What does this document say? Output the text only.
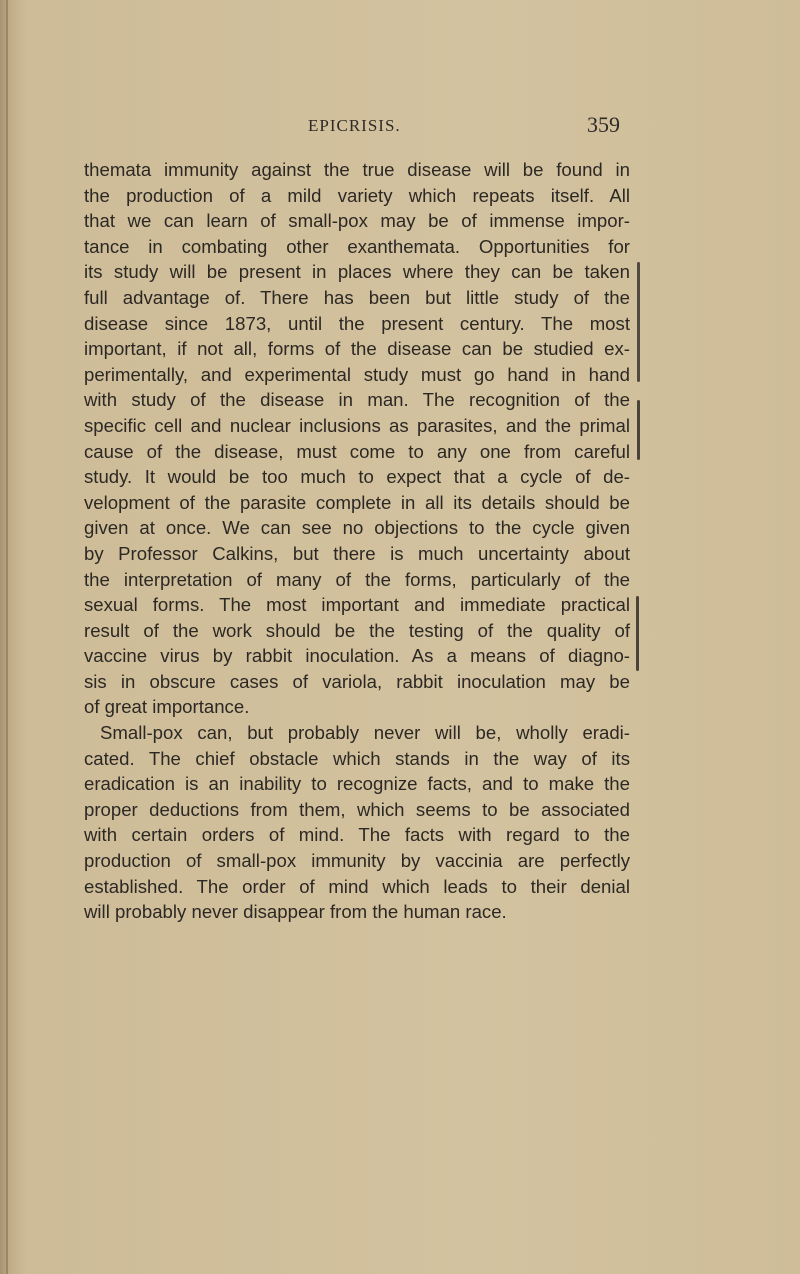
EPICRISIS.	359
themata immunity against the true disease will be found in
the production of a mild variety which repeats itself. All
that we can learn of small-pox may be of immense impor-
tance in combating other exanthemata. Opportunities for
its study will be present in places where they can be taken
full advantage of. There has been but little study of the
disease since 1873, until the present century. The most
important, if not all, forms of the disease can be studied ex-
perimentally, and experimental study must go hand in hand
with study of the disease in man. The recognition of the
specific cell and nuclear inclusions as parasites, and the primal
cause of the disease, must come to any one from careful
study. It would be too much to expect that a cycle of de-
velopment of the parasite complete in all its details should be
given at once. We can see no objections to the cycle given
by Professor Calkins, but there is much uncertainty about
the interpretation of many of the forms, particularly of the
sexual forms. The most important and immediate practical
result of the work should be the testing of the quality of
vaccine virus by rabbit inoculation. As a means of diagno-
sis in obscure cases of variola, rabbit inoculation may be
of great importance.
Small-pox can, but probably never will be, wholly eradi-
cated. The chief obstacle which stands in the way of its
eradication is an inability to recognize facts, and to make the
proper deductions from them, which seems to be associated
with certain orders of mind. The facts with regard to the
production of small-pox immunity by vaccinia are perfectly
established. The order of mind which leads to their denial
will probably never disappear from the human race.
